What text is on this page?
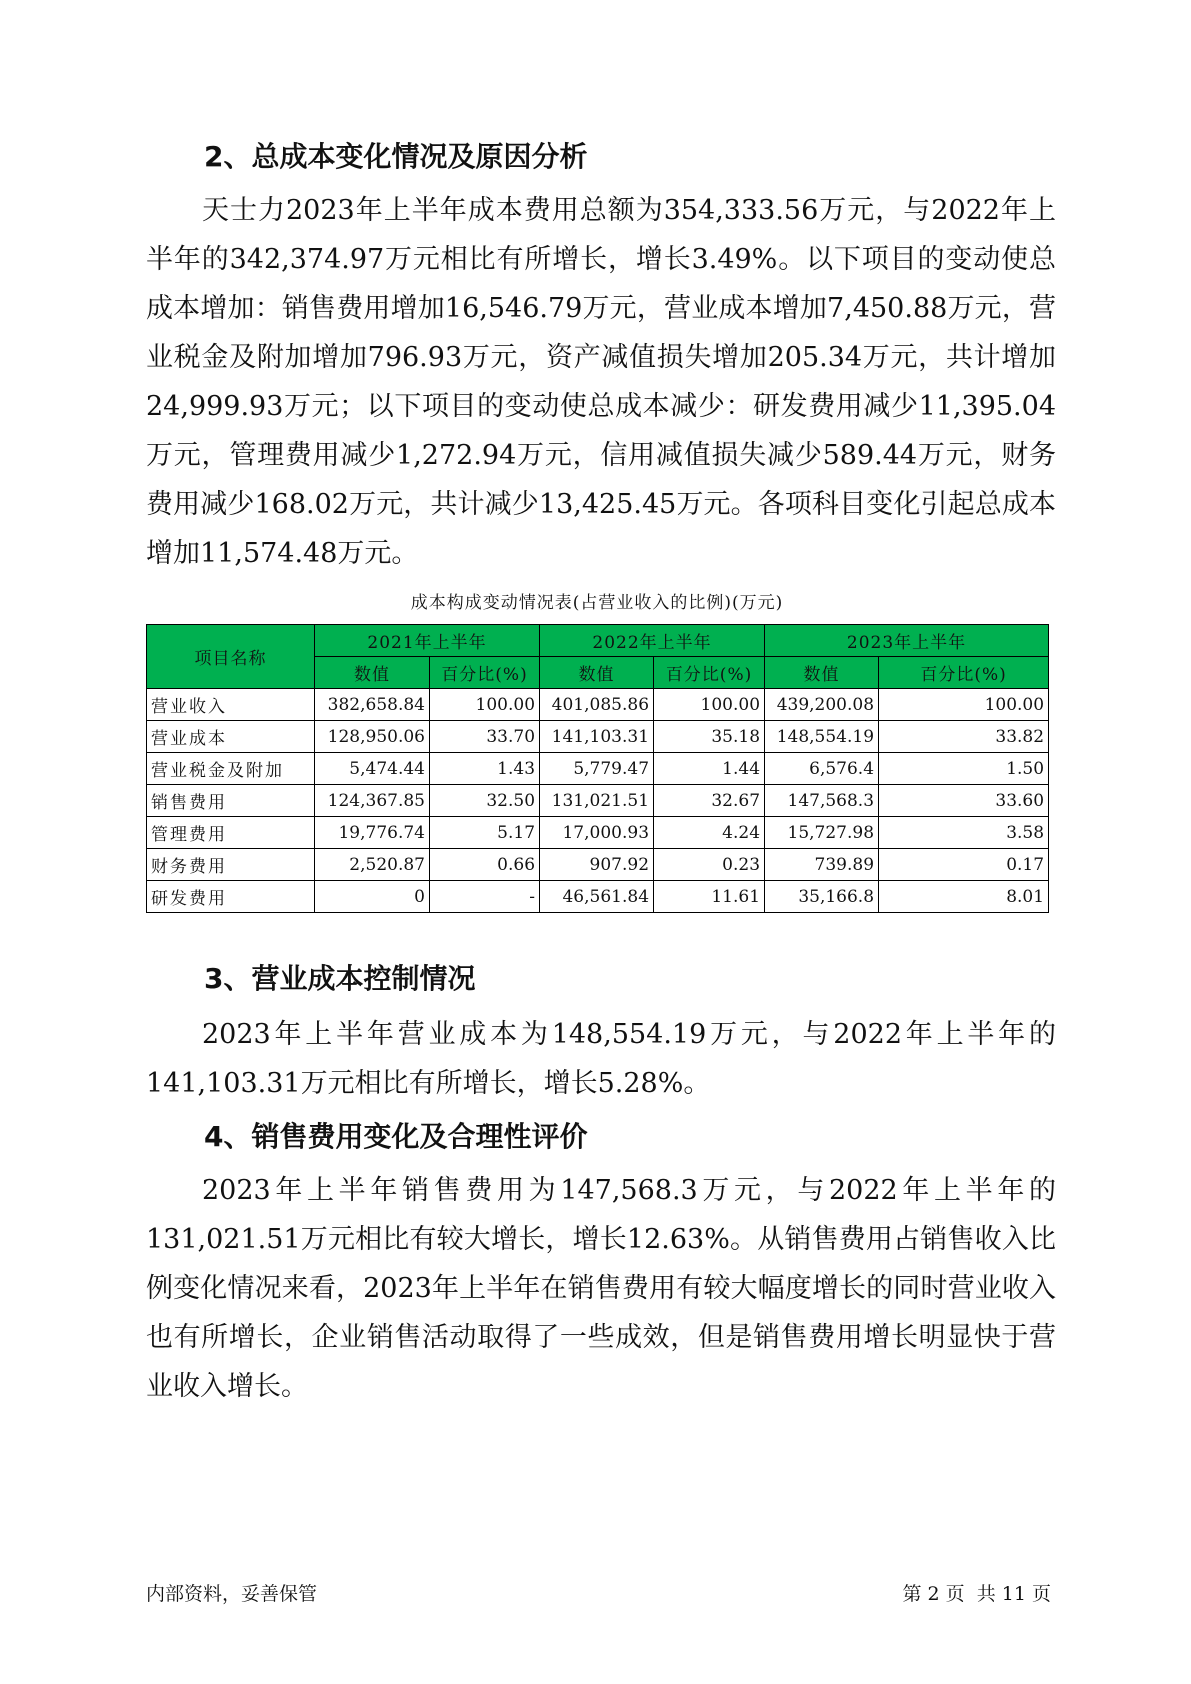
2、总成本变化情况及原因分析

天士力2023年上半年成本费用总额为354,333.56万元，与2022年上半年的342,374.97万元相比有所增长，增长3.49%。以下项目的变动使总成本增加：销售费用增加16,546.79万元，营业成本增加7,450.88万元，营业税金及附加增加796.93万元，资产减值损失增加205.34万元，共计增加24,999.93万元；以下项目的变动使总成本减少：研发费用减少11,395.04万元，管理费用减少1,272.94万元，信用减值损失减少589.44万元，财务费用减少168.02万元，共计减少13,425.45万元。各项科目变化引起总成本增加11,574.48万元。

成本构成变动情况表(占营业收入的比例)(万元)
项目名称	2021年上半年		2022年上半年		2023年上半年	
	数值	百分比(%)	数值	百分比(%)	数值	百分比(%)
营业收入	382,658.84	100.00	401,085.86	100.00	439,200.08	100.00
营业成本	128,950.06	33.70	141,103.31	35.18	148,554.19	33.82
营业税金及附加	5,474.44	1.43	5,779.47	1.44	6,576.4	1.50
销售费用	124,367.85	32.50	131,021.51	32.67	147,568.3	33.60
管理费用	19,776.74	5.17	17,000.93	4.24	15,727.98	3.58
财务费用	2,520.87	0.66	907.92	0.23	739.89	0.17
研发费用	0	-	46,561.84	11.61	35,166.8	8.01
3、营业成本控制情况

2023年上半年营业成本为148,554.19万元，与2022年上半年的141,103.31万元相比有所增长，增长5.28%。

4、销售费用变化及合理性评价

2023年上半年销售费用为147,568.3万元，与2022年上半年的131,021.51万元相比有较大增长，增长12.63%。从销售费用占销售收入比例变化情况来看，2023年上半年在销售费用有较大幅度增长的同时营业收入也有所增长，企业销售活动取得了一些成效，但是销售费用增长明显快于营业收入增长。

内部资料，妥善保管	第 2 页  共 11 页
